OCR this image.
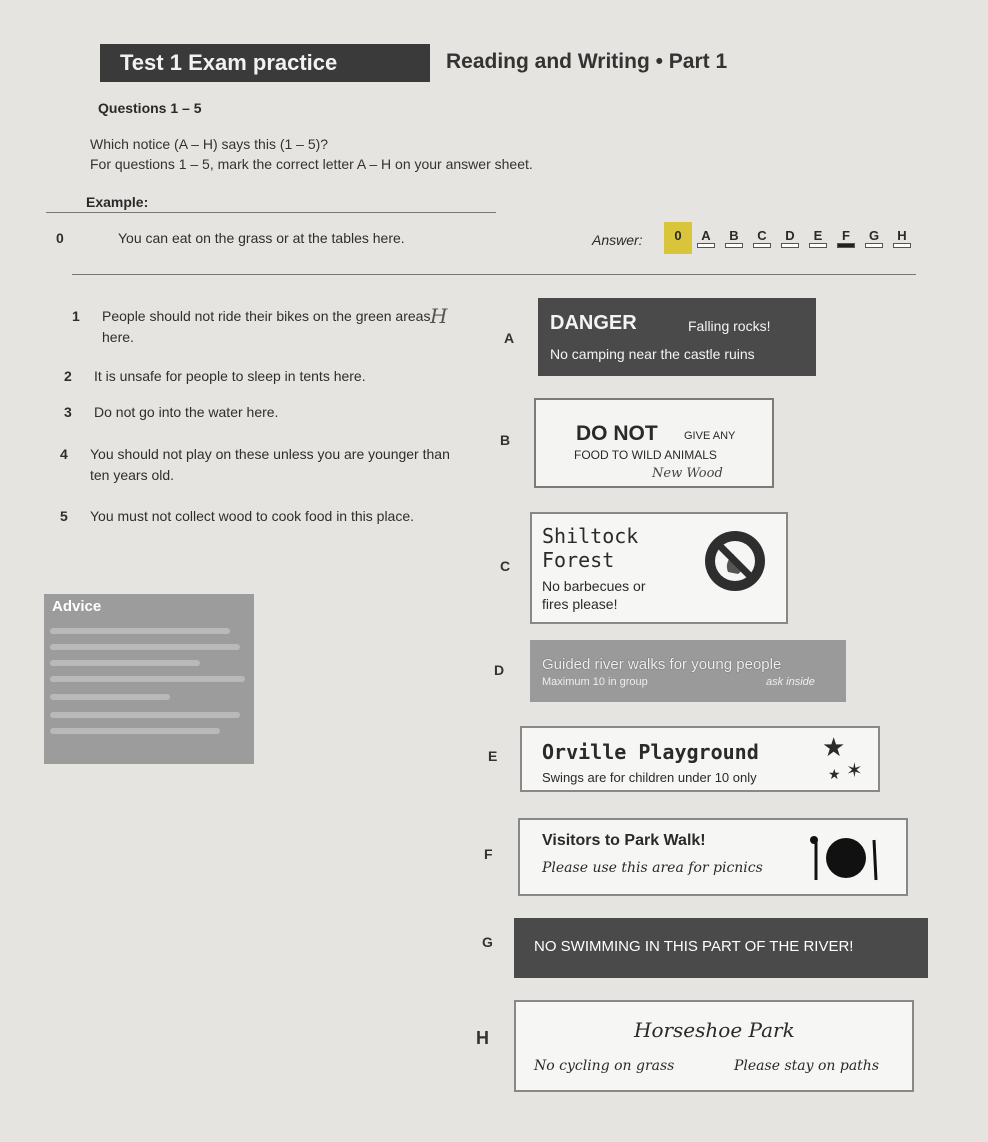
Test 1 Exam practice	Reading and Writing • Part 1
Questions 1 – 5
Which notice (A – H) says this (1 – 5)?
For questions 1 – 5, mark the correct letter A – H on your answer sheet.
Example:
0	You can eat on the grass or at the tables here.	Answer:	0	A	B	C	D	E	F	G	H
1 People should not ride their bikes on the green areas here.
H
2 It is unsafe for people to sleep in tents here.
3 Do not go into the water here.
4 You should not play on these unless you are younger than ten years old.
5 You must not collect wood to cook food in this place.
Advice
A
DANGER	Falling rocks!
No camping near the castle ruins
B	DO NOT GIVE ANY
FOOD TO WILD ANIMALS
New Wood
C
Shiltock
Forest
No barbecues or
fires please!
D	Guided river walks for young people
Maximum 10 in group	ask inside
E Orville Playground
Swings are for children under 10 only
★
★ ✶
F
Visitors to Park Walk!
Please use this area for picnics
G	NO SWIMMING IN THIS PART OF THE RIVER!
H	Horseshoe Park
No cycling on grass	Please stay on paths
